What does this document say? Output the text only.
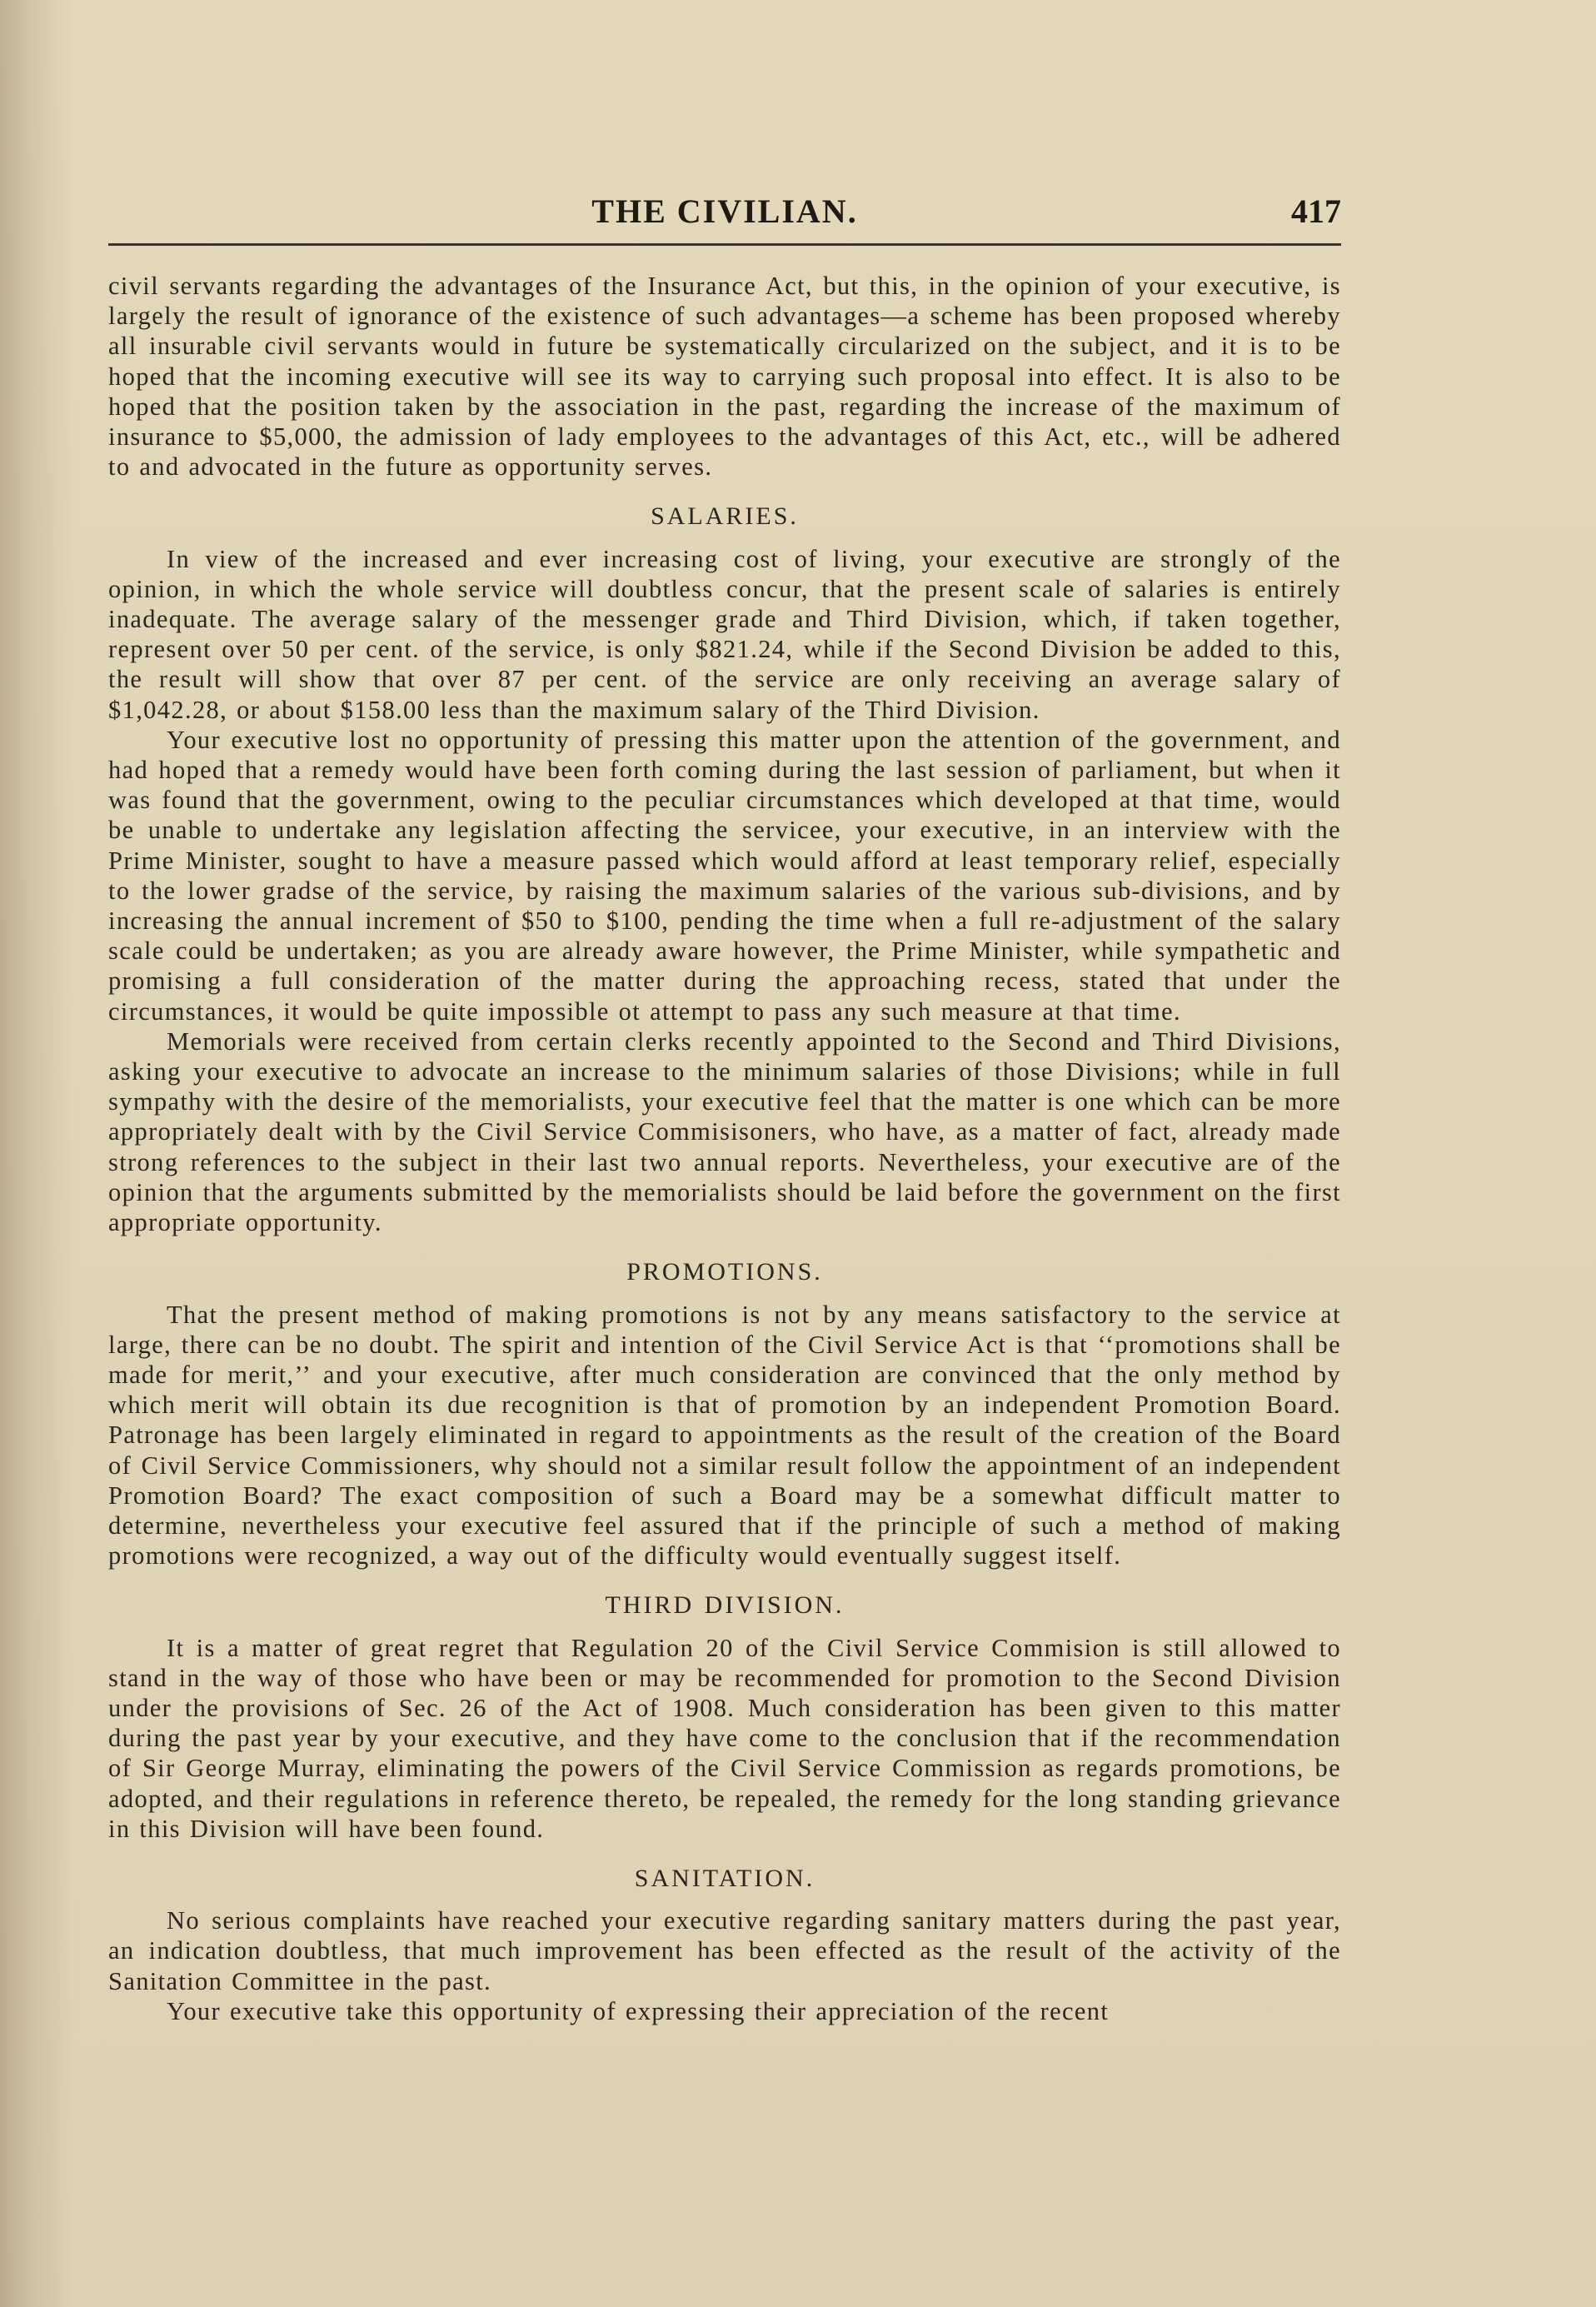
THE CIVILIAN.	417

civil servants regarding the advantages of the Insurance Act, but this, in the opinion of your executive, is largely the result of ignorance of the existence of such advantages—a scheme has been proposed whereby all insurable civil servants would in future be systematically circularized on the subject, and it is to be hoped that the incoming executive will see its way to carrying such proposal into effect. It is also to be hoped that the position taken by the association in the past, regarding the increase of the maximum of insurance to $5,000, the admission of lady employees to the advantages of this Act, etc., will be adhered to and advocated in the future as opportunity serves.

SALARIES.

In view of the increased and ever increasing cost of living, your executive are strongly of the opinion, in which the whole service will doubtless concur, that the present scale of salaries is entirely inadequate. The average salary of the messenger grade and Third Division, which, if taken together, represent over 50 per cent. of the service, is only $821.24, while if the Second Division be added to this, the result will show that over 87 per cent. of the service are only receiving an average salary of $1,042.28, or about $158.00 less than the maximum salary of the Third Division.

Your executive lost no opportunity of pressing this matter upon the attention of the government, and had hoped that a remedy would have been forth coming during the last session of parliament, but when it was found that the government, owing to the peculiar circumstances which developed at that time, would be unable to undertake any legislation affecting the servicee, your executive, in an interview with the Prime Minister, sought to have a measure passed which would afford at least temporary relief, especially to the lower gradse of the service, by raising the maximum salaries of the various sub-divisions, and by increasing the annual increment of $50 to $100, pending the time when a full re-adjustment of the salary scale could be undertaken; as you are already aware however, the Prime Minister, while sympathetic and promising a full consideration of the matter during the approaching recess, stated that under the circumstances, it would be quite impossible ot attempt to pass any such measure at that time.

Memorials were received from certain clerks recently appointed to the Second and Third Divisions, asking your executive to advocate an increase to the minimum salaries of those Divisions; while in full sympathy with the desire of the memorialists, your executive feel that the matter is one which can be more appropriately dealt with by the Civil Service Commisisoners, who have, as a matter of fact, already made strong references to the subject in their last two annual reports. Nevertheless, your executive are of the opinion that the arguments submitted by the memorialists should be laid before the government on the first appropriate opportunity.

PROMOTIONS.

That the present method of making promotions is not by any means satisfactory to the service at large, there can be no doubt. The spirit and intention of the Civil Service Act is that ‘‘promotions shall be made for merit,’’ and your executive, after much consideration are convinced that the only method by which merit will obtain its due recognition is that of promotion by an independent Promotion Board. Patronage has been largely eliminated in regard to appointments as the result of the creation of the Board of Civil Service Commissioners, why should not a similar result follow the appointment of an independent Promotion Board? The exact composition of such a Board may be a somewhat difficult matter to determine, nevertheless your executive feel assured that if the principle of such a method of making promotions were recognized, a way out of the difficulty would eventually suggest itself.

THIRD DIVISION.

It is a matter of great regret that Regulation 20 of the Civil Service Commision is still allowed to stand in the way of those who have been or may be recommended for promotion to the Second Division under the provisions of Sec. 26 of the Act of 1908. Much consideration has been given to this matter during the past year by your executive, and they have come to the conclusion that if the recommendation of Sir George Murray, eliminating the powers of the Civil Service Commission as regards promotions, be adopted, and their regulations in reference thereto, be repealed, the remedy for the long standing grievance in this Division will have been found.

SANITATION.

No serious complaints have reached your executive regarding sanitary matters during the past year, an indication doubtless, that much improvement has been effected as the result of the activity of the Sanitation Committee in the past.

Your executive take this opportunity of expressing their appreciation of the recent
